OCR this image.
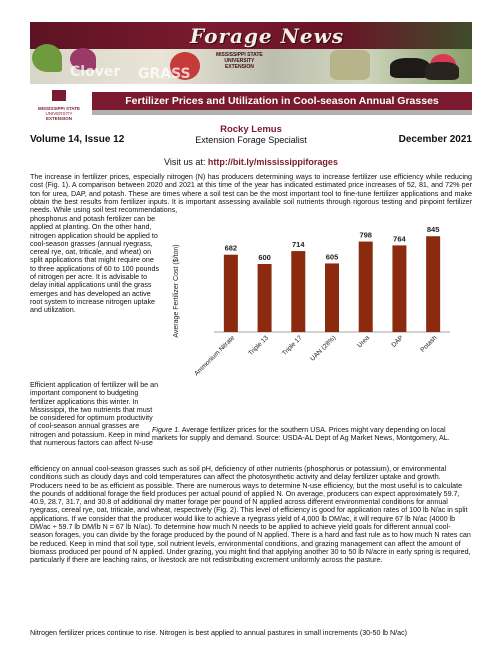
Forage News
Clover GRASS
MISSISSIPPI STATE
UNIVERSITY
EXTENSION
MISSISSIPPI STATE
UNIVERSITY
EXTENSION
Fertilizer Prices and Utilization in Cool-season Annual Grasses
Volume 14, Issue 12
Rocky Lemus
Extension Forage Specialist	December 2021
Visit us at: http://bit.ly/mississippiforages
The increase in fertilizer prices, especially nitrogen (N) has producers determining ways to increase fertilizer use efficiency while reducing cost (Fig. 1). A comparison between 2020 and 2021 at this time of the year has indicated estimated price increases of 52, 81, and 72% per ton for urea, DAP, and potash. These are times where a soil test can be the most important tool to fine-tune fertilizer applications and make obtain the best results from fertilizer inputs. It is important assessing available soil nutrients through rigorous testing and pinpoint fertilizer needs. While using soil test recommendations,
Efficient application of fertilizer will be an important component to budgeting fertilizer applications this winter. In Mississippi, the two nutrients that must be considered for optimum productivity of cool-season annual grasses are nitrogen and potassium. Keep in mind that numerous factors can affect N-use
efficiency on annual cool-season grasses such as soil pH, deficiency of other nutrients (phosphorus or potassium), or environmental conditions such as cloudy days and cold temperatures can affect the photosynthetic activity and delay fertilizer uptake and growth. Producers need to be as efficient as possible. There are numerous ways to determine N-use efficiency, but the most useful is to calculate the pounds of additional forage the field produces per actual pound of applied N. On average, producers can expect approximately 59.7, 40.9, 28.7, 31.7, and 30.8 of additional dry matter forage per pound of N applied across different environmental conditions for annual ryegrass, cereal rye, oat, triticale, and wheat, respectively (Fig. 2). This level of efficiency is good for application rates of 100 lb N/ac in split applications. If we consider that the producer would like to achieve a ryegrass yield of 4,000 lb DM/ac, it will require 67 lb N/ac (4000 lb DM/ac ÷ 59.7 lb DM/lb N = 67 lb N/ac). To determine how much N needs to be applied to achieve yield goals for different annual cool-season forages, you can divide by the forage produced by the pound of N applied. There is a hard and fast rule as to how much N rates can be reduced. Keep in mind that soil type, soil nutrient levels, environmental conditions, and grazing management can affect the amount of biomass produced per pound of N applied. Under grazing, you might find that applying another 30 to 50 lb N/acre in early spring is required, particularly if there are leaching rains, or livestock are not redistributing excrement uniformly across the pasture.
Nitrogen fertilizer prices continue to rise. Nitrogen is best applied to annual pastures in small increments (30-50 lb N/ac)
Average Fertilizer Cost ($/ton)	682
Ammonium Nitrate
600
Triple 13
714
Triple 17
605
UAN (28%)
798
Urea
764
DAP
845
Potash
Figure 1. Average fertilizer prices for the southern USA. Prices might vary depending on local markets for supply and demand. Source: USDA-AL Dept of Ag Market News, Montgomery, AL.
phosphorus and potash fertilizer can be applied at planting. On the other hand, nitrogen application should be applied to cool-season grasses (annual ryegrass, cereal rye, oat, triticale, and wheat) on split applications that might require one to three applications of 60 to 100 pounds of nitrogen per acre. It is advisable to delay initial applications until the grass emerges and has developed an active root system to increase nitrogen uptake and utilization.
